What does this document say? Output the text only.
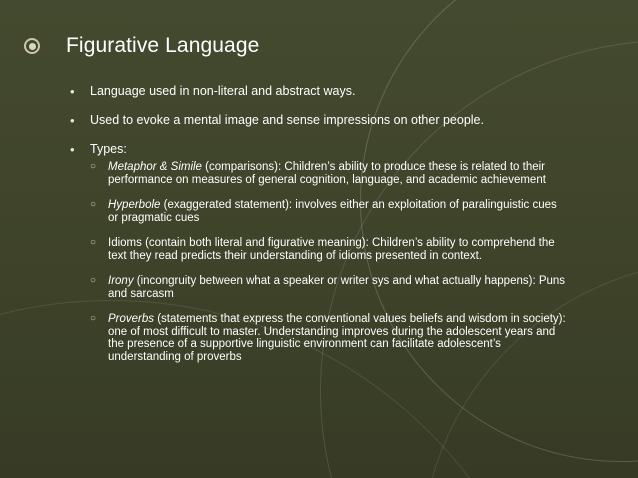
Figurative Language
• Language used in non-literal and abstract ways.
• Used to evoke a mental image and sense impressions on other people.
• Types:
○ Metaphor & Simile (comparisons): Children’s ability to produce these is related to their performance on measures of general cognition, language, and academic achievement
○ Hyperbole (exaggerated statement): involves either an exploitation of paralinguistic cues or pragmatic cues
○ Idioms (contain both literal and figurative meaning): Children’s ability to comprehend the text they read predicts their understanding of idioms presented in context.
○ Irony (incongruity between what a speaker or writer sys and what actually happens): Puns and sarcasm
○ Proverbs (statements that express the conventional values beliefs and wisdom in society): one of most difficult to master. Understanding improves during the adolescent years and the presence of a supportive linguistic environment can facilitate adolescent’s understanding of proverbs
